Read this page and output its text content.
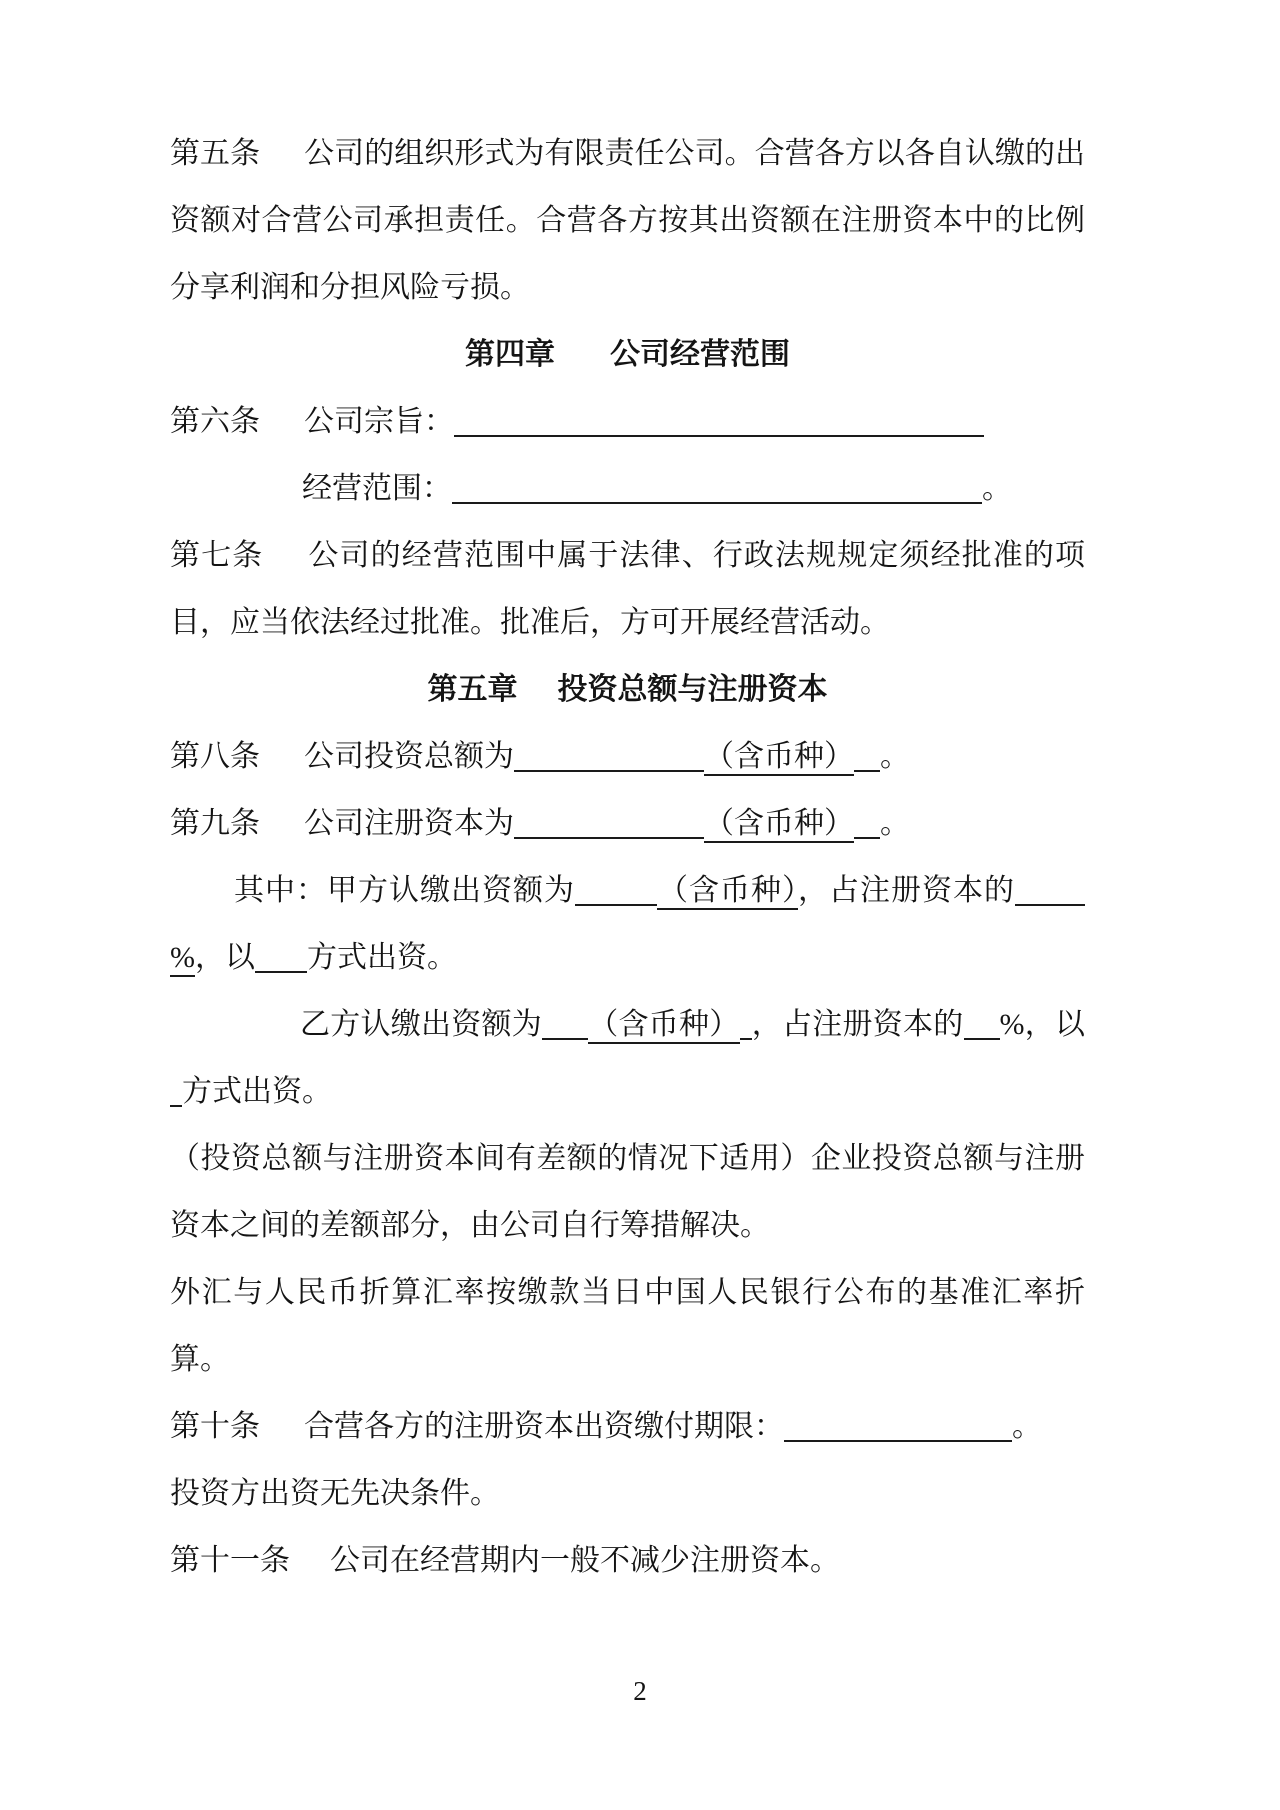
第五条 公司的组织形式为有限责任公司。合营各方以各自认缴的出资额对合营公司承担责任。合营各方按其出资额在注册资本中的比例分享利润和分担风险亏损。
第四章 公司经营范围
第六条 公司宗旨：
经营范围：	。
第七条 公司的经营范围中属于法律、行政法规规定须经批准的项目，应当依法经过批准。批准后，方可开展经营活动。
第五章 投资总额与注册资本
第八条 公司投资总额为	（含币种） 。
第九条 公司注册资本为	（含币种） 。
其中：甲方认缴出资额为	（含币种），占注册资本的%，以 方式出资。
乙方认缴出资额为 （含币种） ，占注册资本的 %，以方式出资。
（投资总额与注册资本间有差额的情况下适用）企业投资总额与注册资本之间的差额部分，由公司自行筹措解决。
外汇与人民币折算汇率按缴款当日中国人民银行公布的基准汇率折算。
第十条 合营各方的注册资本出资缴付期限：	。
投资方出资无先决条件。
第十一条 公司在经营期内一般不减少注册资本。
2
